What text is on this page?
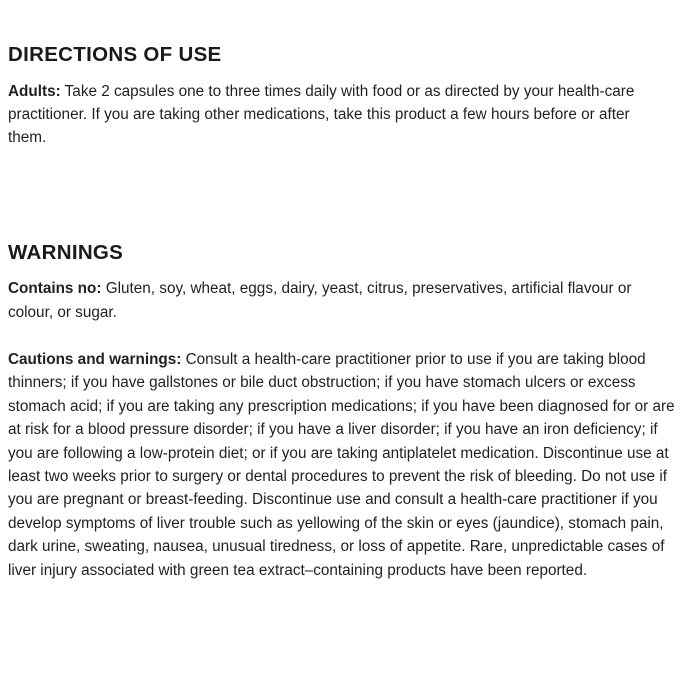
DIRECTIONS OF USE

Adults: Take 2 capsules one to three times daily with food or as directed by your health-care practitioner. If you are taking other medications, take this product a few hours before or after them.

WARNINGS

Contains no: Gluten, soy, wheat, eggs, dairy, yeast, citrus, preservatives, artificial flavour or colour, or sugar.

Cautions and warnings: Consult a health-care practitioner prior to use if you are taking blood thinners; if you have gallstones or bile duct obstruction; if you have stomach ulcers or excess stomach acid; if you are taking any prescription medications; if you have been diagnosed for or are at risk for a blood pressure disorder; if you have a liver disorder; if you have an iron deficiency; if you are following a low-protein diet; or if you are taking antiplatelet medication. Discontinue use at least two weeks prior to surgery or dental procedures to prevent the risk of bleeding. Do not use if you are pregnant or breast-feeding. Discontinue use and consult a health-care practitioner if you develop symptoms of liver trouble such as yellowing of the skin or eyes (jaundice), stomach pain, dark urine, sweating, nausea, unusual tiredness, or loss of appetite. Rare, unpredictable cases of liver injury associated with green tea extract–containing products have been reported.
